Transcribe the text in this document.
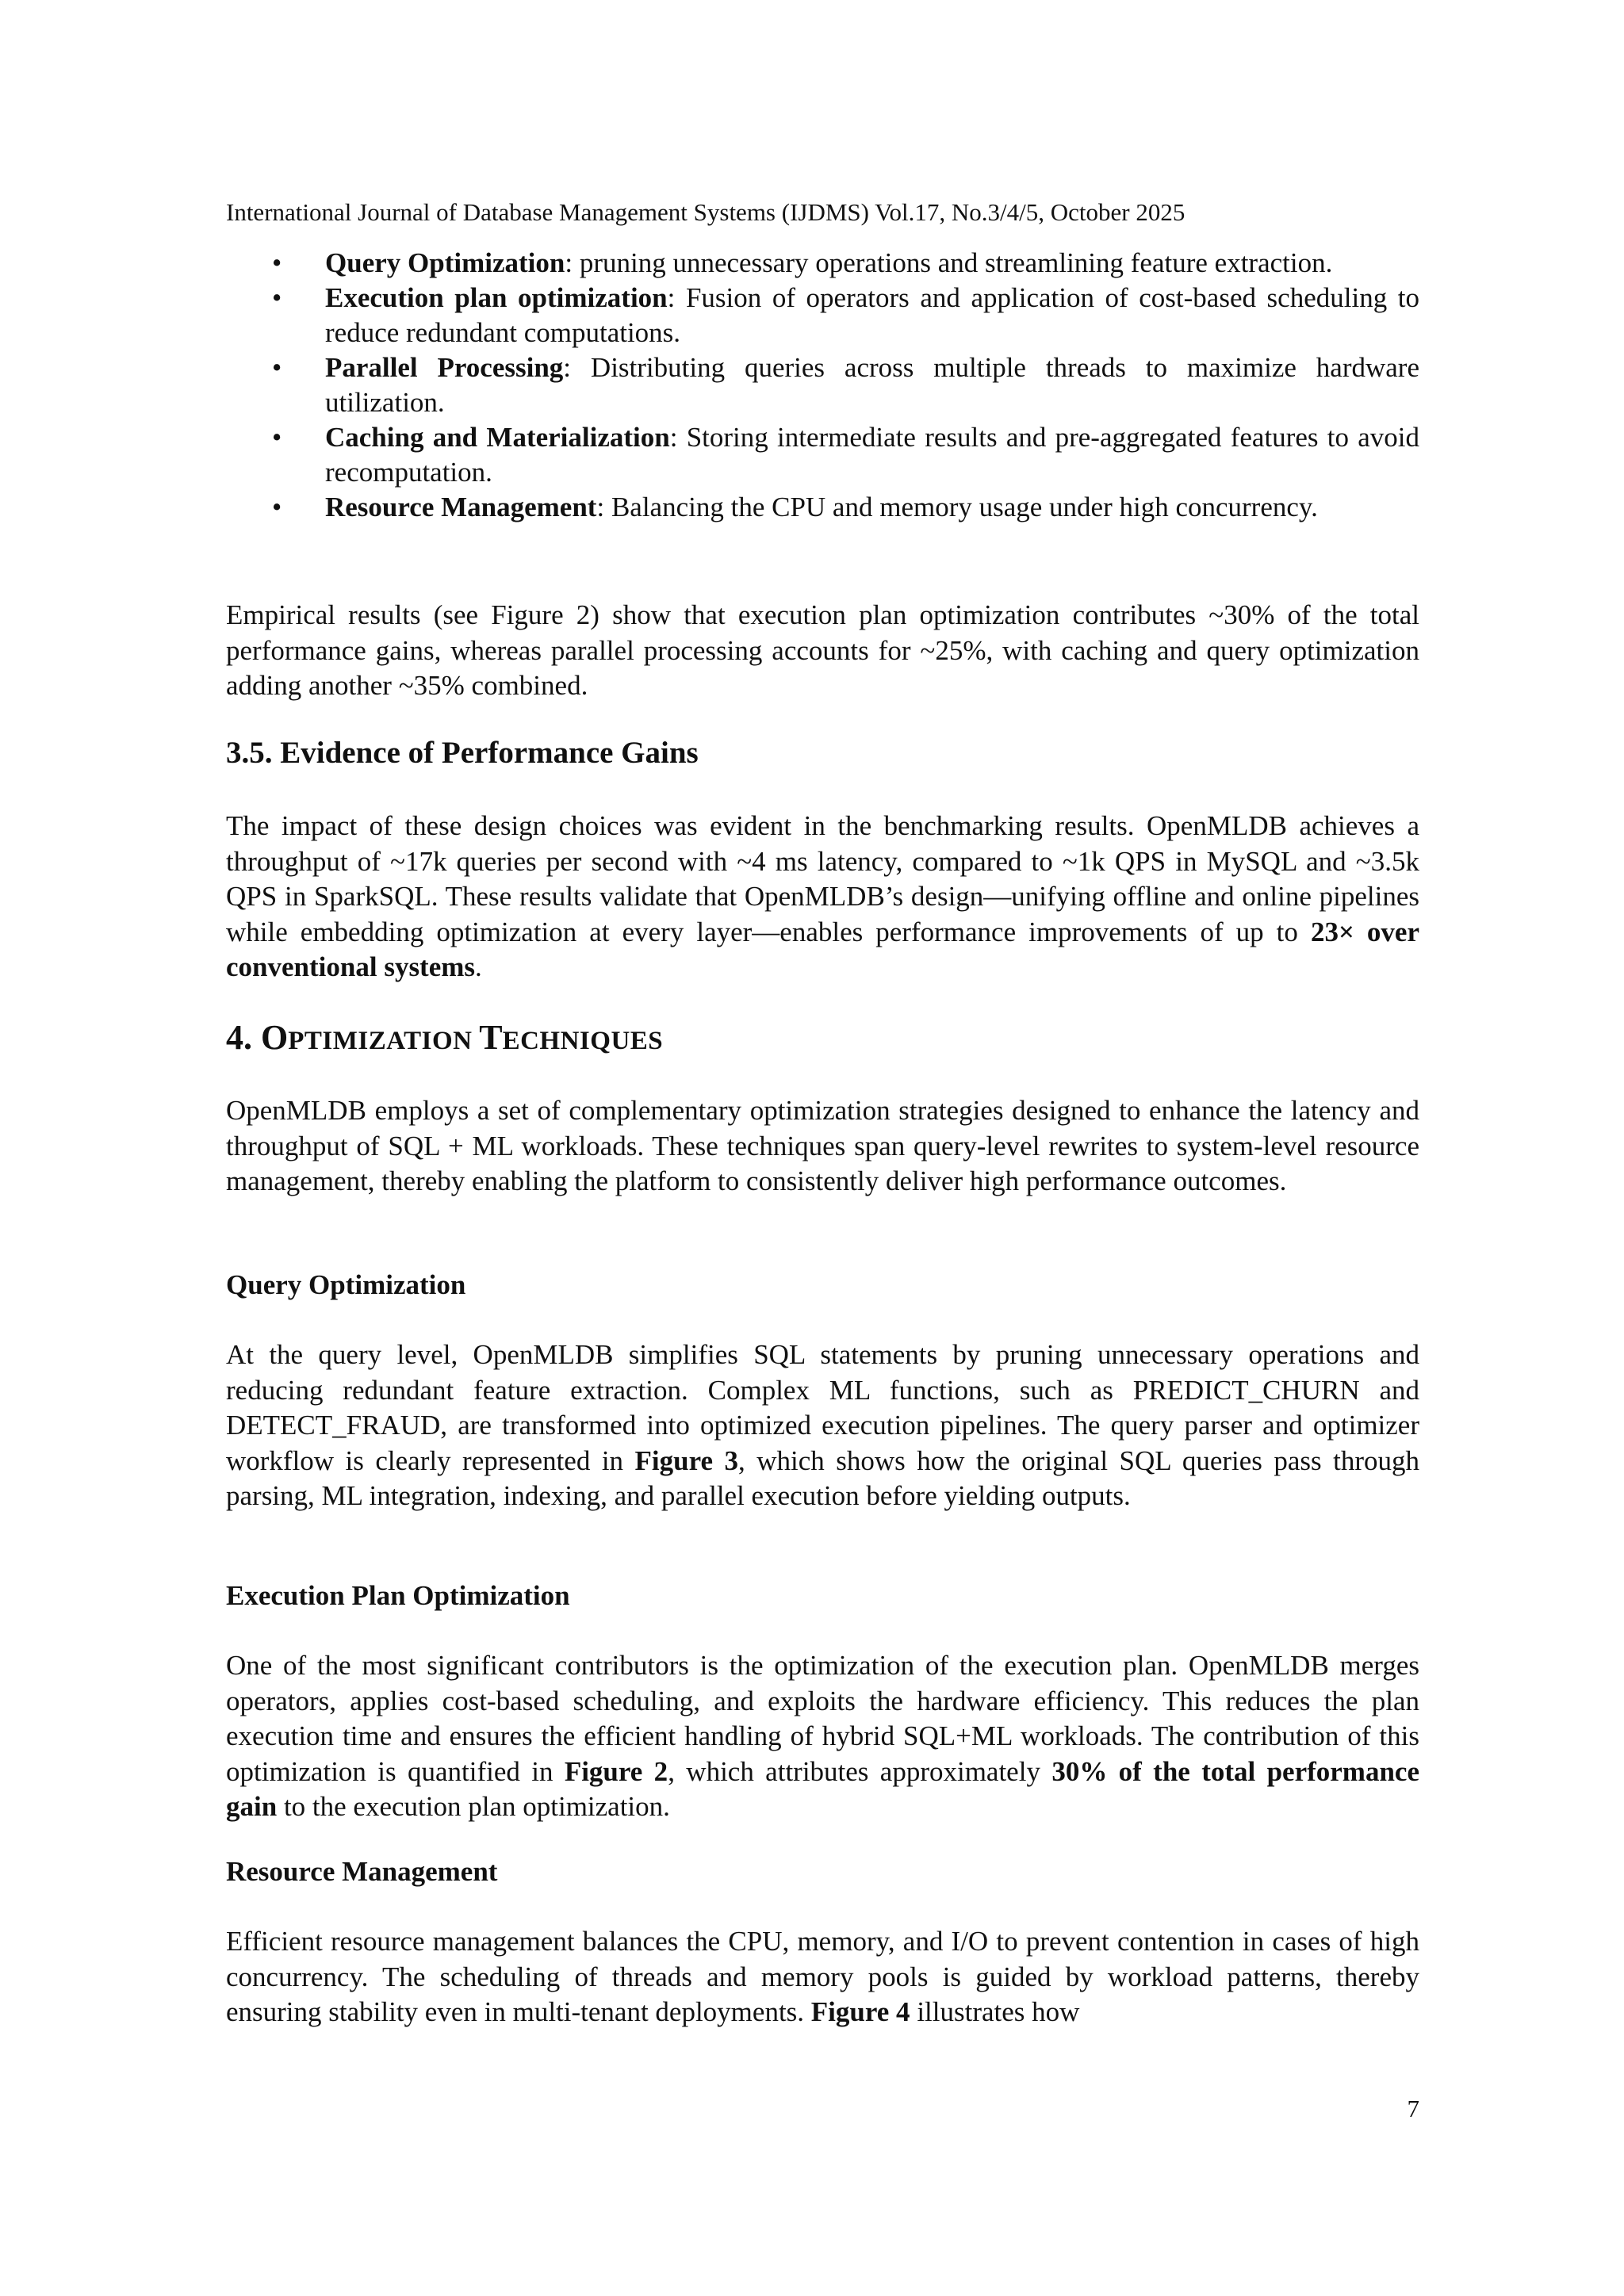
International Journal of Database Management Systems (IJDMS) Vol.17, No.3/4/5, October 2025
• Query Optimization: pruning unnecessary operations and streamlining feature extraction.
• Execution plan optimization: Fusion of operators and application of cost-based scheduling to reduce redundant computations.
• Parallel Processing: Distributing queries across multiple threads to maximize hardware utilization.
• Caching and Materialization: Storing intermediate results and pre-aggregated features to avoid recomputation.
• Resource Management: Balancing the CPU and memory usage under high concurrency.

Empirical results (see Figure 2) show that execution plan optimization contributes ~30% of the total performance gains, whereas parallel processing accounts for ~25%, with caching and query optimization adding another ~35% combined.

3.5. Evidence of Performance Gains

The impact of these design choices was evident in the benchmarking results. OpenMLDB achieves a throughput of ~17k queries per second with ~4 ms latency, compared to ~1k QPS in MySQL and ~3.5k QPS in SparkSQL. These results validate that OpenMLDB’s design—unifying offline and online pipelines while embedding optimization at every layer—enables performance improvements of up to 23× over conventional systems.

4. OPTIMIZATION TECHNIQUES

OpenMLDB employs a set of complementary optimization strategies designed to enhance the latency and throughput of SQL + ML workloads. These techniques span query-level rewrites to system-level resource management, thereby enabling the platform to consistently deliver high performance outcomes.

Query Optimization

At the query level, OpenMLDB simplifies SQL statements by pruning unnecessary operations and reducing redundant feature extraction. Complex ML functions, such as PREDICT_CHURN and DETECT_FRAUD, are transformed into optimized execution pipelines. The query parser and optimizer workflow is clearly represented in Figure 3, which shows how the original SQL queries pass through parsing, ML integration, indexing, and parallel execution before yielding outputs.

Execution Plan Optimization

One of the most significant contributors is the optimization of the execution plan. OpenMLDB merges operators, applies cost-based scheduling, and exploits the hardware efficiency. This reduces the plan execution time and ensures the efficient handling of hybrid SQL+ML workloads. The contribution of this optimization is quantified in Figure 2, which attributes approximately 30% of the total performance gain to the execution plan optimization.

Resource Management

Efficient resource management balances the CPU, memory, and I/O to prevent contention in cases of high concurrency. The scheduling of threads and memory pools is guided by workload patterns, thereby ensuring stability even in multi-tenant deployments. Figure 4 illustrates how

7
